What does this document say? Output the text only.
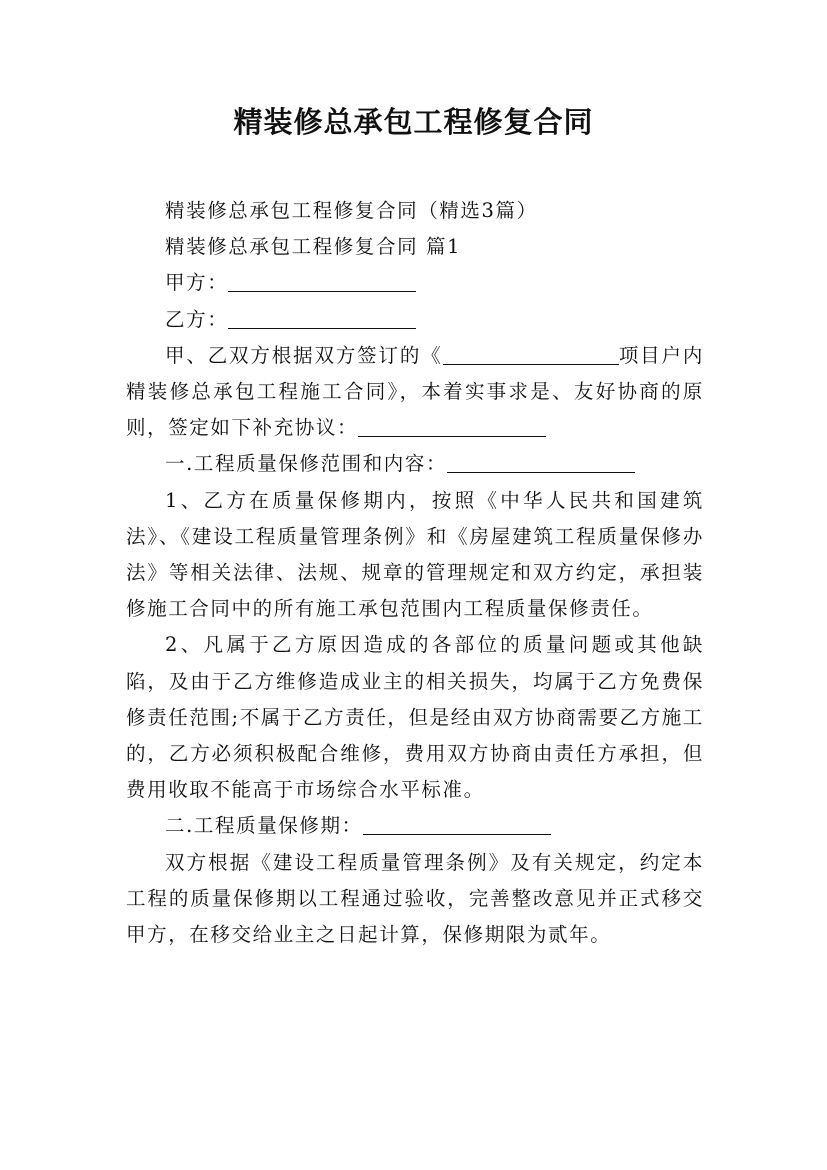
精装修总承包工程修复合同

精装修总承包工程修复合同（精选3篇）

精装修总承包工程修复合同 篇1

甲方：

乙方：

甲、乙双方根据双方签订的《	项目户内精装修总承包工程施工合同》，本着实事求是、友好协商的原则，签定如下补充协议：

一.工程质量保修范围和内容：

1、乙方在质量保修期内，按照《中华人民共和国建筑法》、《建设工程质量管理条例》和《房屋建筑工程质量保修办法》等相关法律、法规、规章的管理规定和双方约定，承担装修施工合同中的所有施工承包范围内工程质量保修责任。

2、凡属于乙方原因造成的各部位的质量问题或其他缺陷，及由于乙方维修造成业主的相关损失，均属于乙方免费保修责任范围;不属于乙方责任，但是经由双方协商需要乙方施工的，乙方必须积极配合维修，费用双方协商由责任方承担，但费用收取不能高于市场综合水平标准。

二.工程质量保修期：

双方根据《建设工程质量管理条例》及有关规定，约定本工程的质量保修期以工程通过验收，完善整改意见并正式移交甲方，在移交给业主之日起计算，保修期限为贰年。
